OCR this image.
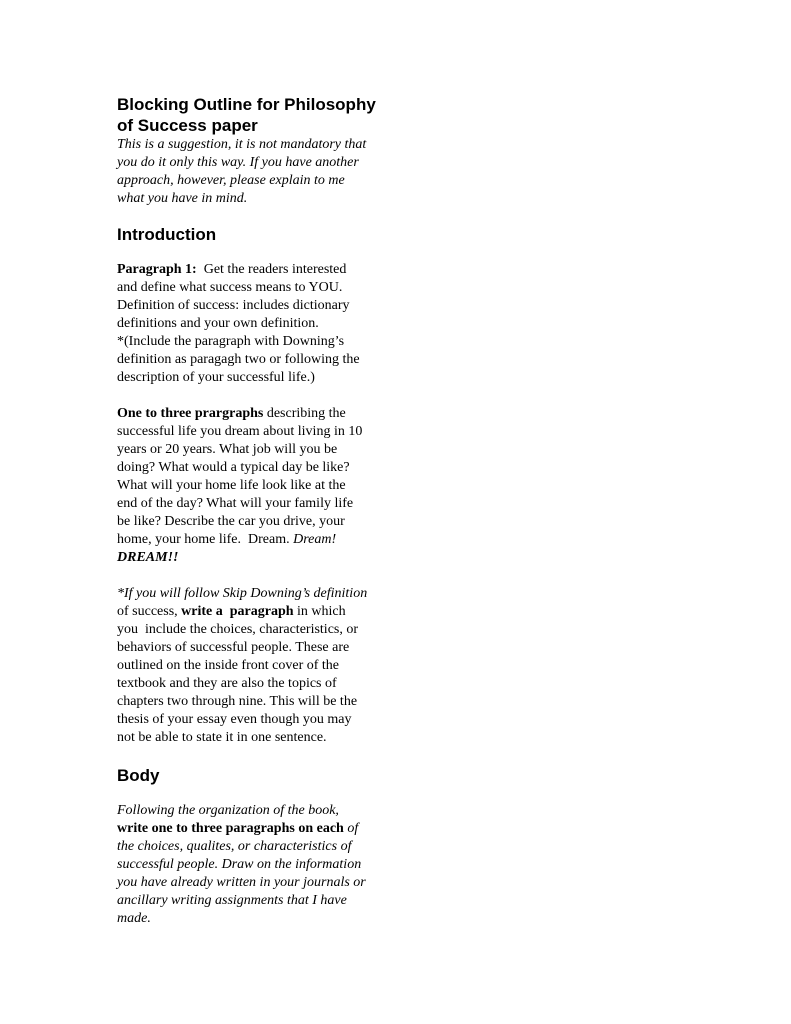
Blocking Outline for Philosophy
of Success paper

This is a suggestion, it is not mandatory that
you do it only this way. If you have another
approach, however, please explain to me
what you have in mind.

Introduction

Paragraph 1:  Get the readers interested
and define what success means to YOU.
Definition of success: includes dictionary
definitions and your own definition.
*(Include the paragraph with Downing’s
definition as paragagh two or following the
description of your successful life.)

One to three prargraphs describing the
successful life you dream about living in 10
years or 20 years. What job will you be
doing? What would a typical day be like?
What will your home life look like at the
end of the day? What will your family life
be like? Describe the car you drive, your
home, your home life.  Dream. Dream!
DREAM!!

*If you will follow Skip Downing’s definition
of success, write a  paragraph in which
you  include the choices, characteristics, or
behaviors of successful people. These are
outlined on the inside front cover of the
textbook and they are also the topics of
chapters two through nine. This will be the
thesis of your essay even though you may
not be able to state it in one sentence.

Body

Following the organization of the book,
write one to three paragraphs on each of
the choices, qualites, or characteristics of
successful people. Draw on the information
you have already written in your journals or
ancillary writing assignments that I have
made.
